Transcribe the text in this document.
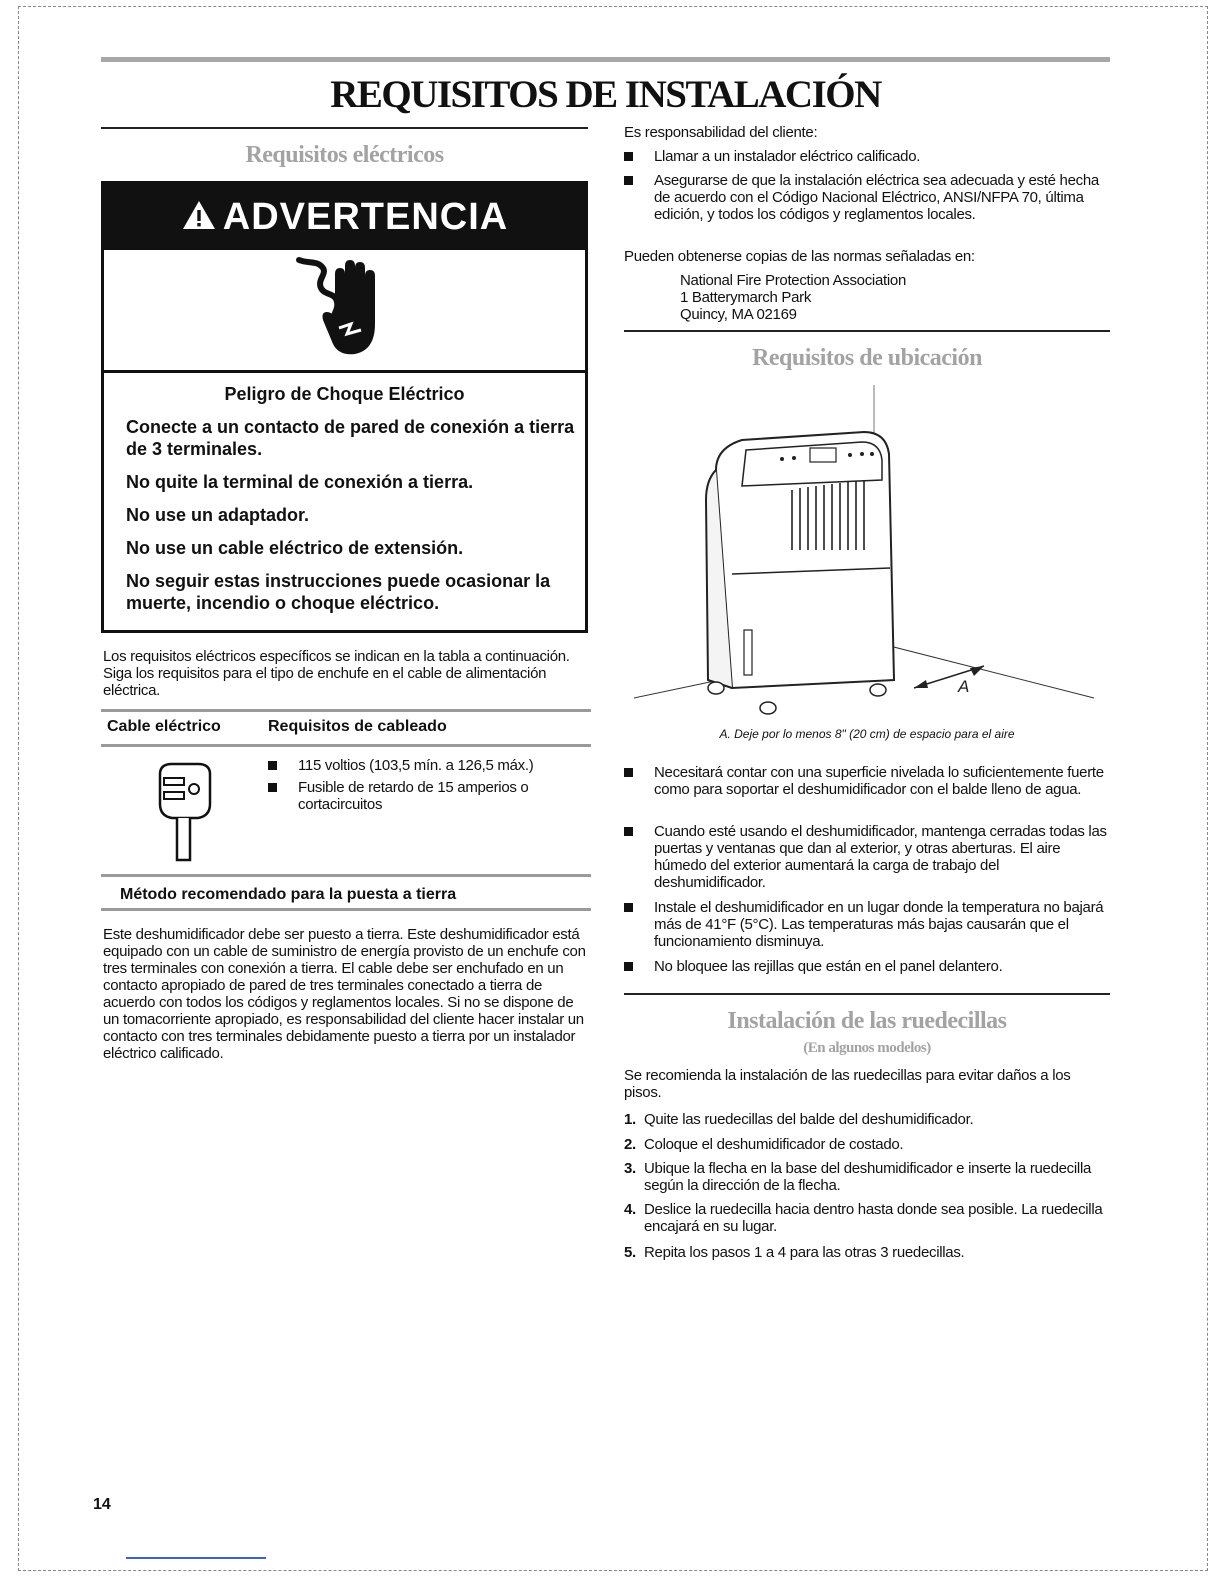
REQUISITOS DE INSTALACIÓN
Requisitos eléctricos
ADVERTENCIA
Peligro de Choque Eléctrico

Conecte a un contacto de pared de conexión a tierra de 3 terminales.

No quite la terminal de conexión a tierra.

No use un adaptador.

No use un cable eléctrico de extensión.

No seguir estas instrucciones puede ocasionar la muerte, incendio o choque eléctrico.

Los requisitos eléctricos específicos se indican en la tabla a continuación. Siga los requisitos para el tipo de enchufe en el cable de alimentación eléctrica.
Cable eléctrico	Requisitos de cableado
115 voltios (103,5 mín. a 126,5 máx.)
Fusible de retardo de 15 amperios o cortacircuitos
Método recomendado para la puesta a tierra
Este deshumidificador debe ser puesto a tierra. Este deshumidificador está equipado con un cable de suministro de energía provisto de un enchufe con tres terminales con conexión a tierra. El cable debe ser enchufado en un contacto apropiado de pared de tres terminales conectado a tierra de acuerdo con todos los códigos y reglamentos locales. Si no se dispone de un tomacorriente apropiado, es responsabilidad del cliente hacer instalar un contacto con tres terminales debidamente puesto a tierra por un instalador eléctrico calificado.
Es responsabilidad del cliente:
Llamar a un instalador eléctrico calificado.
Asegurarse de que la instalación eléctrica sea adecuada y esté hecha de acuerdo con el Código Nacional Eléctrico, ANSI/NFPA 70, última edición, y todos los códigos y reglamentos locales.
Pueden obtenerse copias de las normas señaladas en:
National Fire Protection Association
1 Batterymarch Park
Quincy, MA 02169
Requisitos de ubicación
A
A. Deje por lo menos 8" (20 cm) de espacio para el aire
Necesitará contar con una superficie nivelada lo suficientemente fuerte como para soportar el deshumidificador con el balde lleno de agua.
Cuando esté usando el deshumidificador, mantenga cerradas todas las puertas y ventanas que dan al exterior, y otras aberturas. El aire húmedo del exterior aumentará la carga de trabajo del deshumidificador.
Instale el deshumidificador en un lugar donde la temperatura no bajará más de 41°F (5°C). Las temperaturas más bajas causarán que el funcionamiento disminuya.
No bloquee las rejillas que están en el panel delantero.
Instalación de las ruedecillas
(En algunos modelos)
Se recomienda la instalación de las ruedecillas para evitar daños a los pisos.
1. Quite las ruedecillas del balde del deshumidificador.
2. Coloque el deshumidificador de costado.
3. Ubique la flecha en la base del deshumidificador e inserte la ruedecilla según la dirección de la flecha.
4. Deslice la ruedecilla hacia dentro hasta donde sea posible. La ruedecilla encajará en su lugar.
5. Repita los pasos 1 a 4 para las otras 3 ruedecillas.
14
